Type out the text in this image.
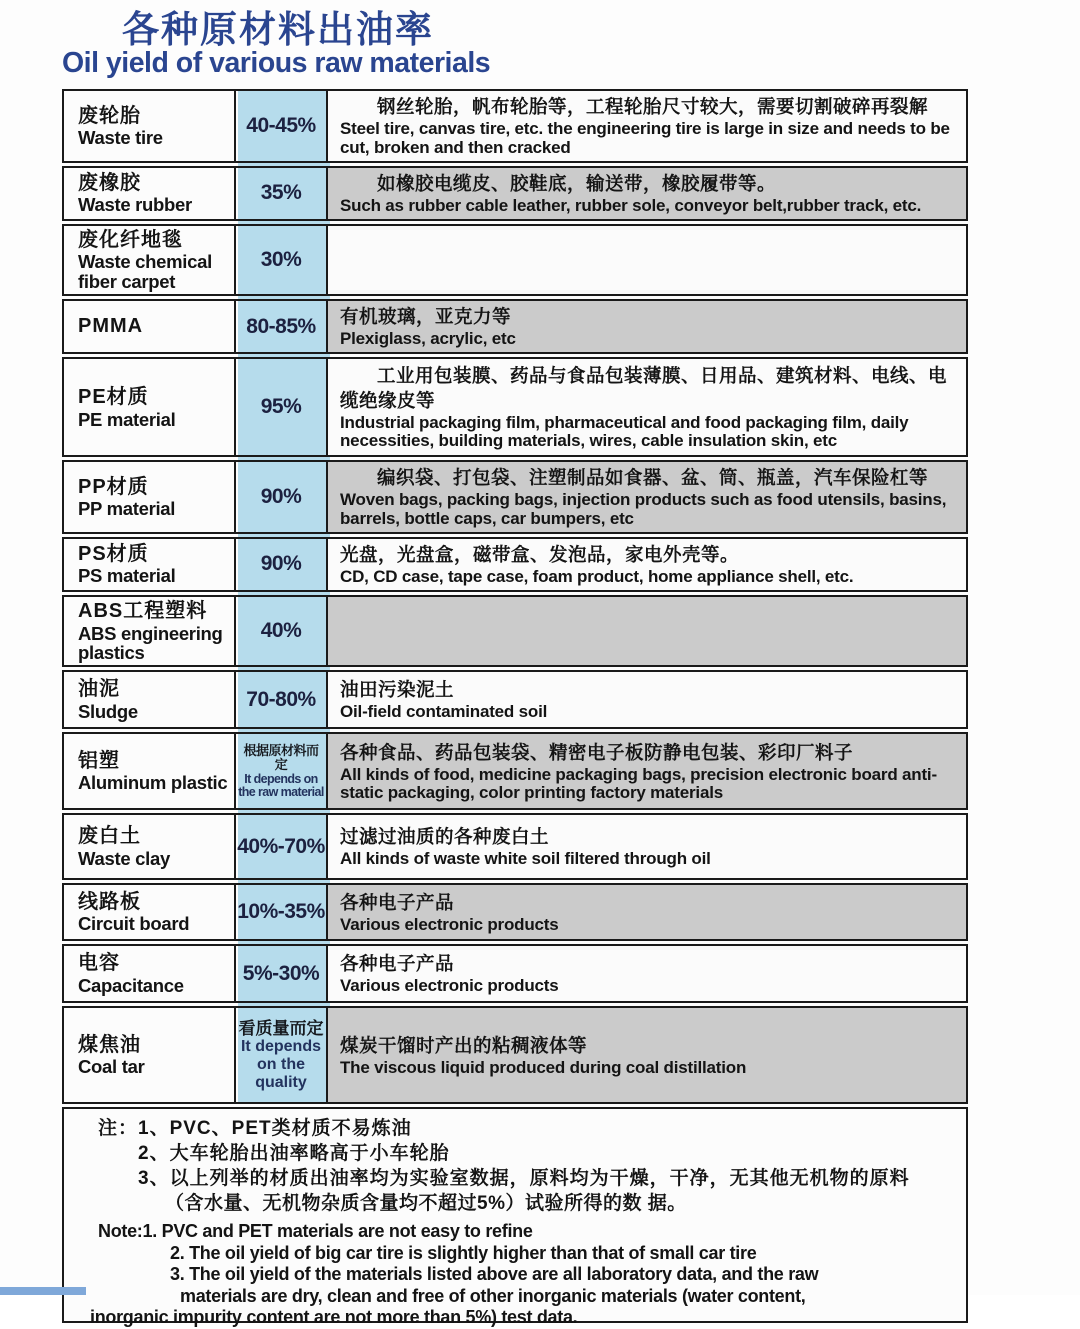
各种原材料出油率
Oil yield of various raw materials
废轮胎
Waste tire
40-45%
钢丝轮胎，帆布轮胎等，工程轮胎尺寸较大，需要切割破碎再裂解
Steel tire, canvas tire, etc. the engineering tire is large in size and needs to be cut, broken and then cracked
废橡胶
Waste rubber
35%	如橡胶电缆皮、胶鞋底，输送带，橡胶履带等。
Such as rubber cable leather, rubber sole, conveyor belt,rubber track, etc.
废化纤地毯
Waste chemical fiber carpet
30%
PMMA	80-85% 有机玻璃，亚克力等
Plexiglass, acrylic, etc
PE材质
PE material
95%
工业用包装膜、药品与食品包装薄膜、日用品、建筑材料、电线、电缆绝缘皮等
Industrial packaging film, pharmaceutical and food packaging film, daily necessities, building materials, wires, cable insulation skin, etc
PP材质
PP material
90%
编织袋、打包袋、注塑制品如食器、盆、筒、瓶盖，汽车保险杠等
Woven bags, packing bags, injection products such as food utensils, basins, barrels, bottle caps, car bumpers, etc
PS材质
PS material
90% 光盘，光盘盒，磁带盒、发泡品，家电外壳等。
CD, CD case, tape case, foam product, home appliance shell, etc.
ABS工程塑料
ABS engineering plastics
40%
油泥
Sludge
70-80% 油田污染泥土
Oil-field contaminated soil
铝塑
Aluminum plastic
根据原材料而定
It depends on the raw material
各种食品、药品包装袋、精密电子板防静电包装、彩印厂料子
All kinds of food, medicine packaging bags, precision electronic board anti-static packaging, color printing factory materials
废白土
Waste clay
40%-70% 过滤过油质的各种废白土
All kinds of waste white soil filtered through oil
线路板
Circuit board
10%-35% 各种电子产品
Various electronic products
电容
Capacitance
5%-30% 各种电子产品
Various electronic products
煤焦油
Coal tar
看质量而定
It depends on the quality
煤炭干馏时产出的粘稠液体等
The viscous liquid produced during coal distillation
注： 1、PVC、PET类材质不易炼油
2、大车轮胎出油率略高于小车轮胎
3、以上列举的材质出油率均为实验室数据，原料均为干燥，干净，无其他无机物的原料
（含水量、无机物杂质含量均不超过5%）试验所得的数 据。
Note:1. PVC and PET materials are not easy to refine
2. The oil yield of big car tire is slightly higher than that of small car tire
3. The oil yield of the materials listed above are all laboratory data, and the raw
materials are dry, clean and free of other inorganic materials (water content,
inorganic impurity content are not more than 5%) test data.
